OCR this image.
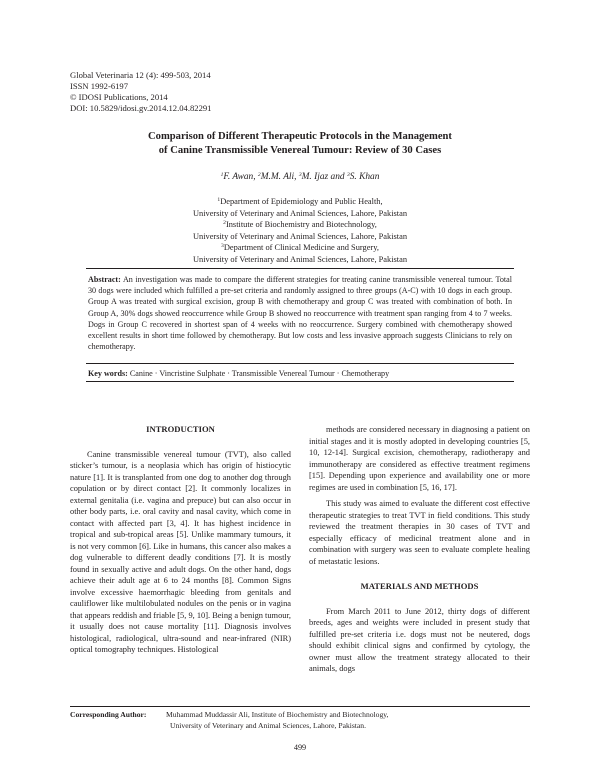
Global Veterinaria 12 (4): 499-503, 2014
ISSN 1992-6197
© IDOSI Publications, 2014
DOI: 10.5829/idosi.gv.2014.12.04.82291
Comparison of Different Therapeutic Protocols in the Management
of Canine Transmissible Venereal Tumour: Review of 30 Cases
$^1$F. Awan, $^2$M.M. Ali, $^3$M. Ijaz and $^3$S. Khan
$^1$Department of Epidemiology and Public Health,
University of Veterinary and Animal Sciences, Lahore, Pakistan
$^2$Institute of Biochemistry and Biotechnology,
University of Veterinary and Animal Sciences, Lahore, Pakistan
$^3$Department of Clinical Medicine and Surgery,
University of Veterinary and Animal Sciences, Lahore, Pakistan
Abstract: An investigation was made to compare the different strategies for treating canine transmissible venereal tumour. Total 30 dogs were included which fulfilled a pre-set criteria and randomly assigned to three groups (A-C) with 10 dogs in each group. Group A was treated with surgical excision, group B with chemotherapy and group C was treated with combination of both. In Group A, 30% dogs showed reoccurrence while Group B showed no reoccurrence with treatment span ranging from 4 to 7 weeks. Dogs in Group C recovered in shortest span of 4 weeks with no reoccurrence. Surgery combined with chemotherapy showed excellent results in short time followed by chemotherapy. But low costs and less invasive approach suggests Clinicians to rely on chemotherapy.
Key words: Canine · Vincristine Sulphate · Transmissible Venereal Tumour · Chemotherapy

INTRODUCTION

Canine transmissible venereal tumour (TVT), also called sticker’s tumour, is a neoplasia which has origin of histiocytic nature [1]. It is transplanted from one dog to another dog through copulation or by direct contact [2]. It commonly localizes in external genitalia (i.e. vagina and prepuce) but can also occur in other body parts, i.e. oral cavity and nasal cavity, which come in contact with affected part [3, 4]. It has highest incidence in tropical and sub-tropical areas [5]. Unlike mammary tumours, it is not very common [6]. Like in humans, this cancer also makes a dog vulnerable to different deadly conditions [7]. It is mostly found in sexually active and adult dogs. On the other hand, dogs achieve their adult age at 6 to 24 months [8]. Common Signs involve excessive haemorrhagic bleeding from genitals and cauliflower like multilobulated nodules on the penis or in vagina that appears reddish and friable [5, 9, 10]. Being a benign tumour, it usually does not cause mortality [11]. Diagnosis involves histological, radiological, ultra-sound and near-infrared (NIR) optical tomography techniques. Histological

methods are considered necessary in diagnosing a patient on initial stages and it is mostly adopted in developing countries [5, 10, 12-14]. Surgical excision, chemotherapy, radiotherapy and immunotherapy are considered as effective treatment regimens [15]. Depending upon experience and availability one or more regimes are used in combination [5, 16, 17].

This study was aimed to evaluate the different cost effective therapeutic strategies to treat TVT in field conditions. This study reviewed the treatment therapies in 30 cases of TVT and especially efficacy of medicinal treatment alone and in combination with surgery was seen to evaluate complete healing of metastatic lesions.

MATERIALS AND METHODS

From March 2011 to June 2012, thirty dogs of different breeds, ages and weights were included in present study that fulfilled pre-set criteria i.e. dogs must not be neutered, dogs should exhibit clinical signs and confirmed by cytology, the owner must allow the treatment strategy allocated to their animals, dogs

Corresponding Author:	Muhammad Muddassir Ali, Institute of Biochemistry and Biotechnology,
University of Veterinary and Animal Sciences, Lahore, Pakistan.
499
